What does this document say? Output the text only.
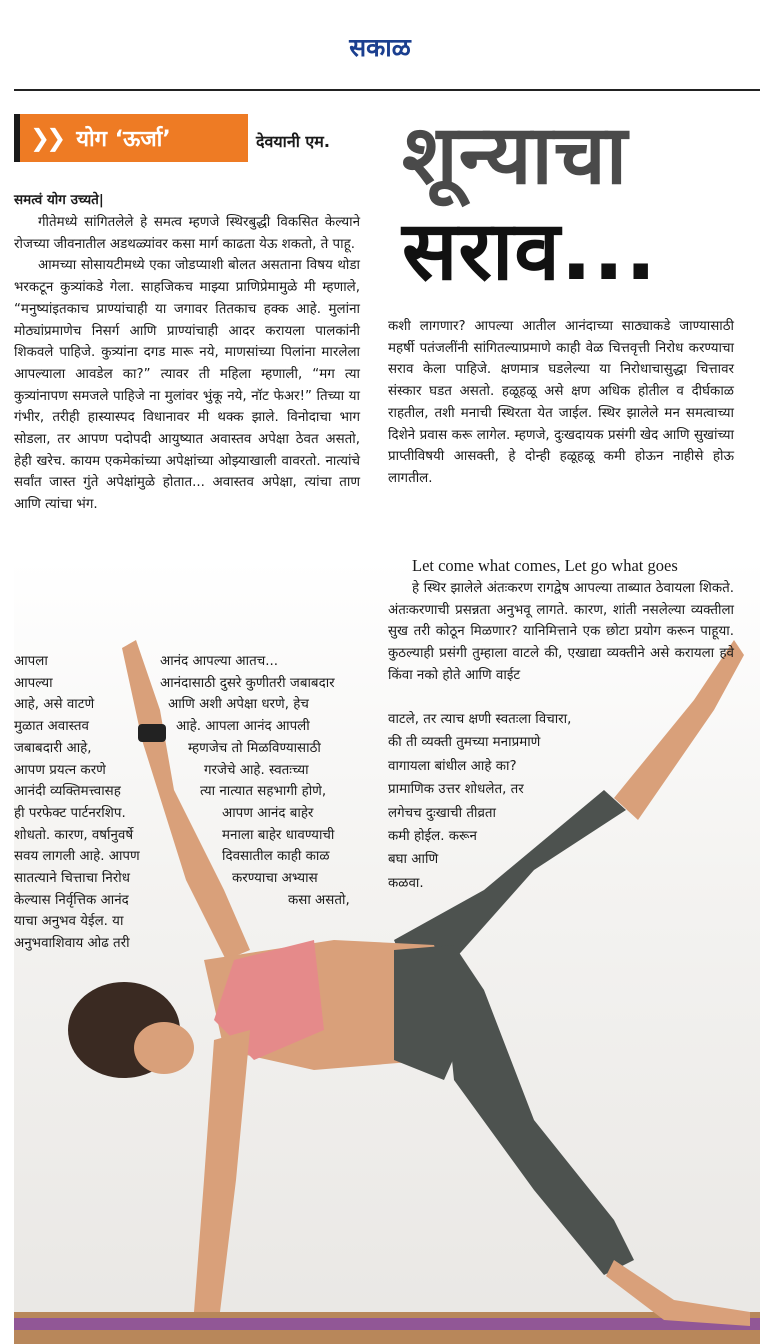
सकाळ
❯❯ योग ‘ऊर्जा’	देवयानी एम. शून्याचा
सराव...
समत्वं योग उच्यते|

गीतेमध्ये सांगितलेले हे समत्व म्हणजे स्थिरबुद्धी विकसित केल्याने रोजच्या जीवनातील अडथळ्यांवर कसा मार्ग काढता येऊ शकतो, ते पाहू.

आमच्या सोसायटीमध्ये एका जोडप्याशी बोलत असताना विषय थोडा भरकटून कुत्र्यांकडे गेला. साहजिकच माझ्या प्राणिप्रेमामुळे मी म्हणाले, “मनुष्यांइतकाच प्राण्यांचाही या जगावर तितकाच हक्क आहे. मुलांना मोठ्यांप्रमाणेच निसर्ग आणि प्राण्यांचाही आदर करायला पालकांनी शिकवले पाहिजे. कुत्र्यांना दगड मारू नये, माणसांच्या पिलांना मारलेला आपल्याला आवडेल का?” त्यावर ती महिला म्हणाली, “मग त्या कुत्र्यांनापण समजले पाहिजे ना मुलांवर भुंकू नये, नॉट फेअर!” तिच्या या गंभीर, तरीही हास्यास्पद विधानावर मी थक्क झाले. विनोदाचा भाग सोडला, तर आपण पदोपदी आयुष्यात अवास्तव अपेक्षा ठेवत असतो, हेही खरेच. कायम एकमेकांच्या अपेक्षांच्या ओझ्याखाली वावरतो. नात्यांचे सर्वांत जास्त गुंते अपेक्षांमुळे होतात... अवास्तव अपेक्षा, त्यांचा ताण आणि त्यांचा भंग.

आपला	आनंद आपल्या आतच...
आपल्या	आनंदासाठी दुसरे कुणीतरी जबाबदार
आहे, असे वाटणे	आणि अशी अपेक्षा धरणे, हेच
मुळात अवास्तव	आहे. आपला आनंद आपली
जबाबदारी आहे,	म्हणजेच तो मिळविण्यासाठी
आपण प्रयत्न करणे	गरजेचे आहे. स्वतःच्या
आनंदी व्यक्तिमत्त्वासह	त्या नात्यात सहभागी होणे,
ही परफेक्ट पार्टनरशिप.	आपण आनंद बाहेर
शोधतो. कारण, वर्षानुवर्षे	मनाला बाहेर धावण्याची
सवय लागली आहे. आपण	दिवसातील काही काळ
सातत्याने चित्ताचा निरोध	करण्याचा अभ्यास
केल्यास निर्वृत्तिक आनंद	कसा असतो,
याचा अनुभव येईल. या
अनुभवाशिवाय ओढ तरी

कशी लागणार? आपल्या आतील आनंदाच्या साठ्याकडे जाण्यासाठी महर्षी पतंजलींनी सांगितल्याप्रमाणे काही वेळ चित्तवृत्ती निरोध करण्याचा सराव केला पाहिजे. क्षणमात्र घडलेल्या या निरोधाचासुद्धा चित्तावर संस्कार घडत असतो. हळूहळू असे क्षण अधिक होतील व दीर्घकाळ राहतील, तशी मनाची स्थिरता येत जाईल. स्थिर झालेले मन समत्वाच्या दिशेने प्रवास करू लागेल. म्हणजे, दुःखदायक प्रसंगी खेद आणि सुखांच्या प्राप्तीविषयी आसक्ती, हे दोन्ही हळूहळू कमी होऊन नाहीसे होऊ लागतील.

Let come what comes, Let go what goes

हे स्थिर झालेले अंतःकरण रागद्वेष आपल्या ताब्यात ठेवायला शिकते. अंतःकरणाची प्रसन्नता अनुभवू लागते. कारण, शांती नसलेल्या व्यक्तीला सुख तरी कोठून मिळणार? यानिमित्ताने एक छोटा प्रयोग करून पाहूया. कुठल्याही प्रसंगी तुम्हाला वाटले की, एखाद्या व्यक्तीने असे करायला हवे किंवा नको होते आणि वाईट

वाटले, तर त्याच क्षणी स्वतःला विचारा,
की ती व्यक्ती तुमच्या मनाप्रमाणे
वागायला बांधील आहे का?
प्रामाणिक उत्तर शोधलेत, तर
लगेचच दुःखाची तीव्रता
कमी होईल. करून
बघा आणि
कळवा.
